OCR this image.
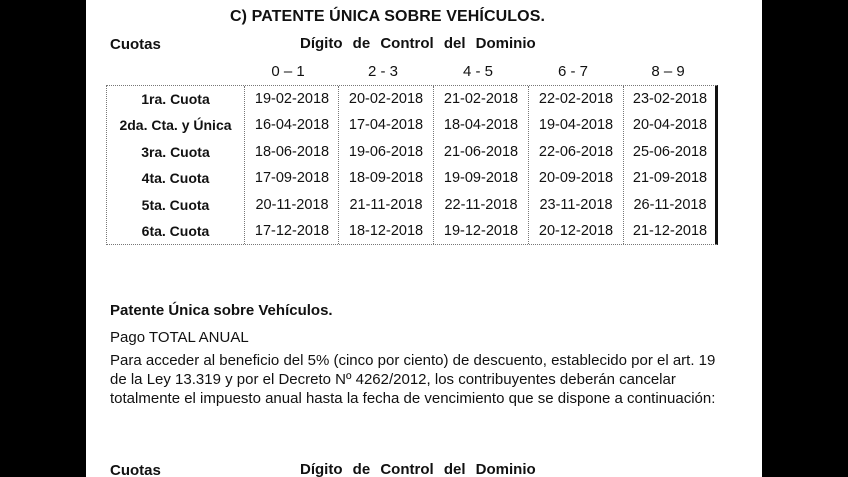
C) PATENTE ÚNICA SOBRE VEHÍCULOS.
Cuotas	Dígito de Control del Dominio
0 – 1	2 - 3	4 - 5	6 - 7	8 – 9
1ra. Cuota	19-02-2018	20-02-2018	21-02-2018	22-02-2018	23-02-2018
2da. Cta. y Única	16-04-2018	17-04-2018	18-04-2018	19-04-2018	20-04-2018
3ra. Cuota	18-06-2018	19-06-2018	21-06-2018	22-06-2018	25-06-2018
4ta. Cuota	17-09-2018	18-09-2018	19-09-2018	20-09-2018	21-09-2018
5ta. Cuota	20-11-2018	21-11-2018	22-11-2018	23-11-2018	26-11-2018
6ta. Cuota	17-12-2018	18-12-2018	19-12-2018	20-12-2018	21-12-2018
Patente Única sobre Vehículos.
Pago TOTAL ANUAL
Para acceder al beneficio del 5% (cinco por ciento) de descuento, establecido por el art. 19 de la Ley 13.319 y por el Decreto Nº 4262/2012, los contribuyentes deberán cancelar totalmente el impuesto anual hasta la fecha de vencimiento que se dispone a continuación:
Cuotas	Dígito de Control del Dominio
